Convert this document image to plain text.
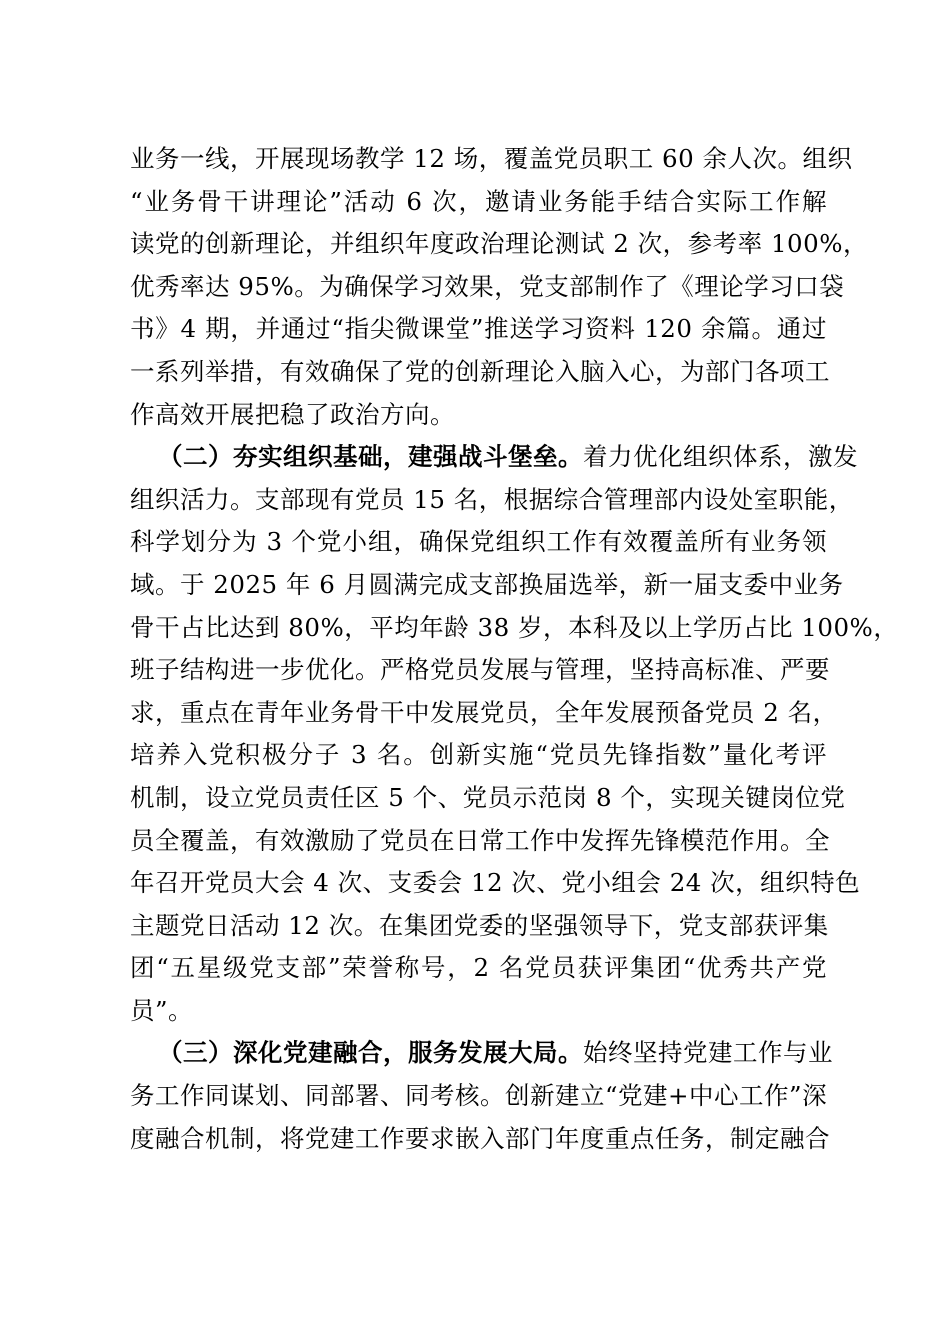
业务一线，开展现场教学 12 场，覆盖党员职工 60 余人次。组织
“业务骨干讲理论”活动 6 次，邀请业务能手结合实际工作解
读党的创新理论，并组织年度政治理论测试 2 次，参考率 100%，
优秀率达 95%。为确保学习效果，党支部制作了《理论学习口袋
书》4 期，并通过“指尖微课堂”推送学习资料 120 余篇。通过
一系列举措，有效确保了党的创新理论入脑入心，为部门各项工
作高效开展把稳了政治方向。
（二）夯实组织基础，建强战斗堡垒。着力优化组织体系，激发
组织活力。支部现有党员 15 名，根据综合管理部内设处室职能，
科学划分为 3 个党小组，确保党组织工作有效覆盖所有业务领
域。于 2025 年 6 月圆满完成支部换届选举，新一届支委中业务
骨干占比达到 80%，平均年龄 38 岁，本科及以上学历占比 100%，
班子结构进一步优化。严格党员发展与管理，坚持高标准、严要
求，重点在青年业务骨干中发展党员，全年发展预备党员 2 名，
培养入党积极分子 3 名。创新实施“党员先锋指数”量化考评
机制，设立党员责任区 5 个、党员示范岗 8 个，实现关键岗位党
员全覆盖，有效激励了党员在日常工作中发挥先锋模范作用。全
年召开党员大会 4 次、支委会 12 次、党小组会 24 次，组织特色
主题党日活动 12 次。在集团党委的坚强领导下，党支部获评集
团“五星级党支部”荣誉称号，2 名党员获评集团“优秀共产党
员”。
（三）深化党建融合，服务发展大局。始终坚持党建工作与业
务工作同谋划、同部署、同考核。创新建立“党建+中心工作”深
度融合机制，将党建工作要求嵌入部门年度重点任务，制定融合
